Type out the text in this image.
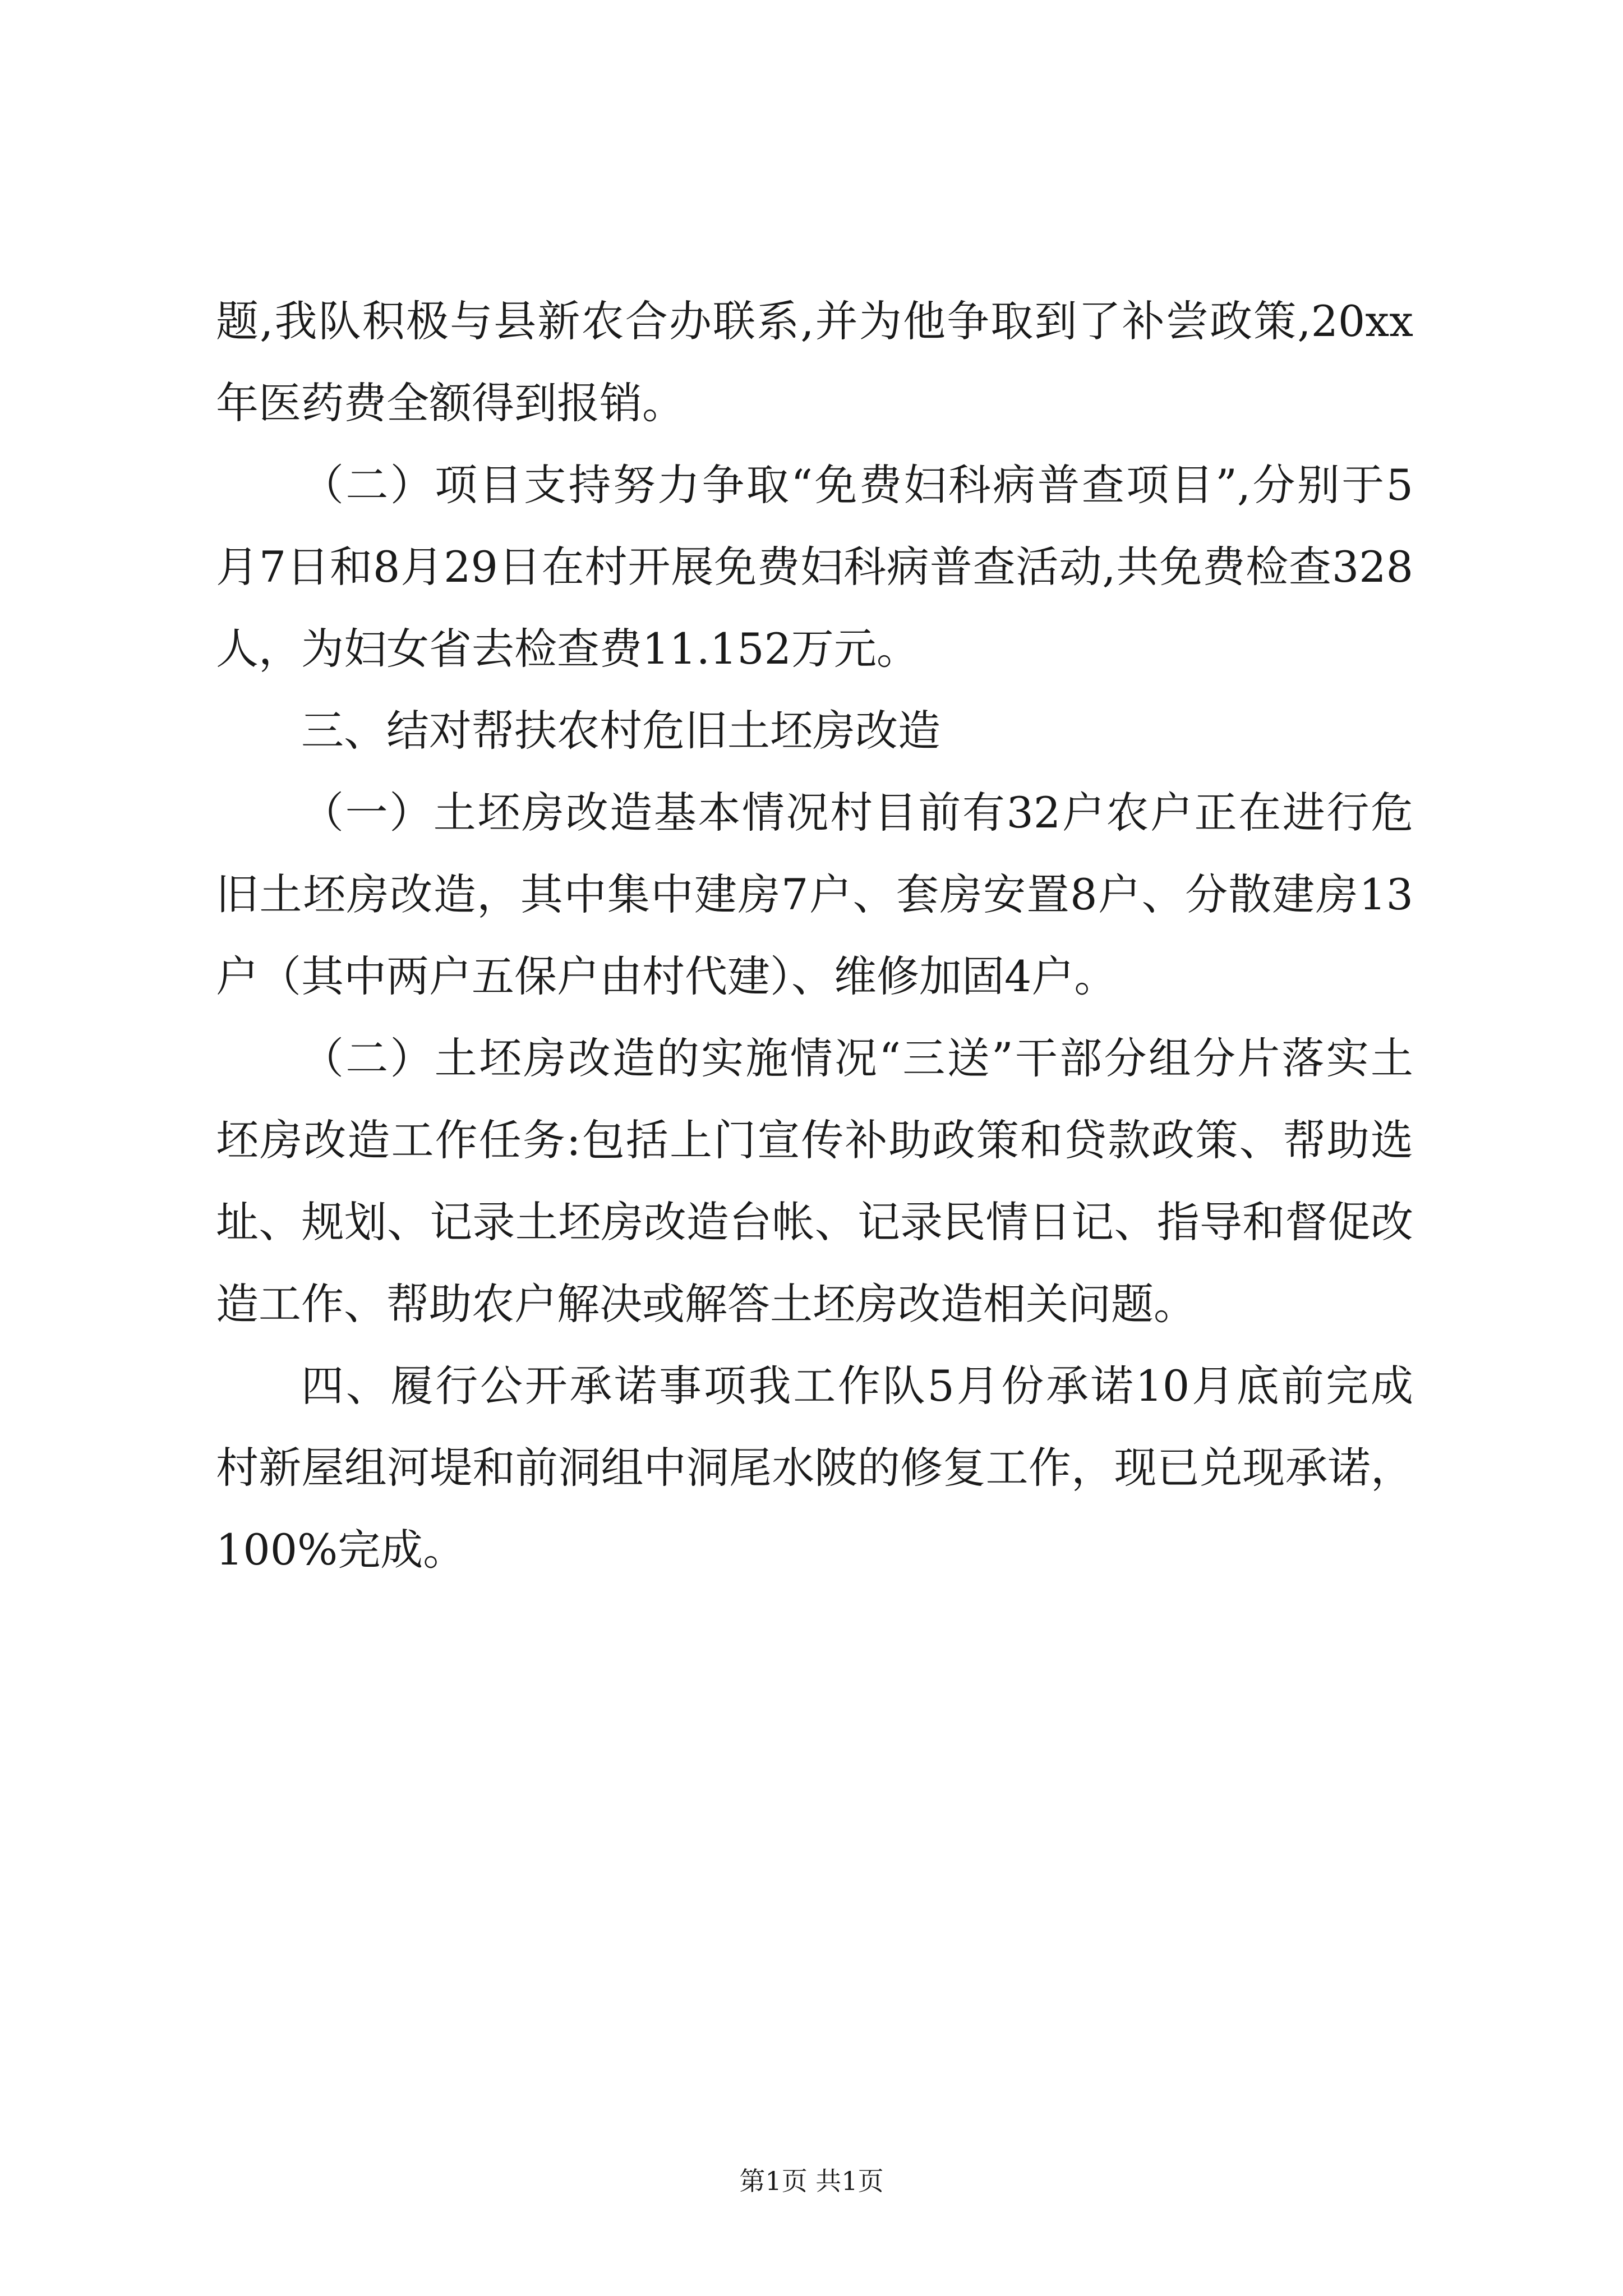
题,我队积极与县新农合办联系,并为他争取到了补尝政策,20xx

年医药费全额得到报销。

（二）项目支持努力争取“免费妇科病普查项目”,分别于5

月7日和8月29日在村开展免费妇科病普查活动,共免费检查328

人，为妇女省去检查费11.152万元。

三、结对帮扶农村危旧土坯房改造

（一）土坯房改造基本情况村目前有32户农户正在进行危

旧土坯房改造，其中集中建房7户、套房安置8户、分散建房13

户（其中两户五保户由村代建）、维修加固4户。

（二）土坯房改造的实施情况“三送”干部分组分片落实土

坯房改造工作任务:包括上门宣传补助政策和贷款政策、帮助选

址、规划、记录土坯房改造台帐、记录民情日记、指导和督促改

造工作、帮助农户解决或解答土坯房改造相关问题。

四、履行公开承诺事项我工作队5月份承诺10月底前完成

村新屋组河堤和前洞组中洞尾水陂的修复工作，现已兑现承诺，

100%完成。

第1页 共1页
